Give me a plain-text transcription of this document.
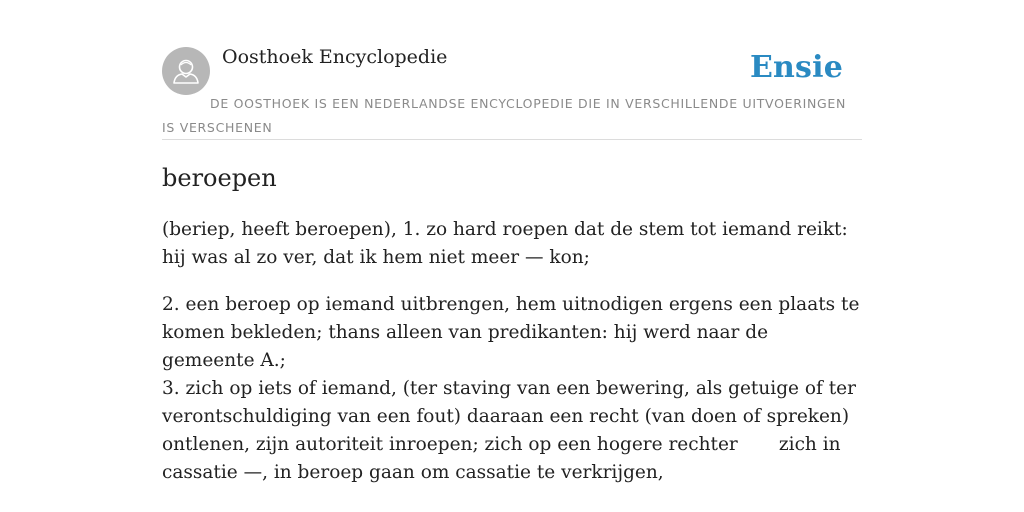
Oosthoek Encyclopedie	Ensie
DE OOSTHOEK IS EEN NEDERLANDSE ENCYCLOPEDIE DIE IN VERSCHILLENDE UITVOERINGEN IS VERSCHENEN
beroepen

(beriep, heeft beroepen), 1. zo hard roepen dat de stem tot iemand reikt: hij was al zo ver, dat ik hem niet meer — kon;

2. een beroep op iemand uitbrengen, hem uitnodigen ergens een plaats te komen bekleden; thans alleen van predikanten: hij werd naar de gemeente A.;
3. zich op iets of iemand, (ter staving van een bewering, als getuige of ter verontschuldiging van een fout) daaraan een recht (van doen of spreken) ontlenen, zijn autoriteit inroepen; zich op een hogere rechter       zich in cassatie —, in beroep gaan om cassatie te verkrijgen,
